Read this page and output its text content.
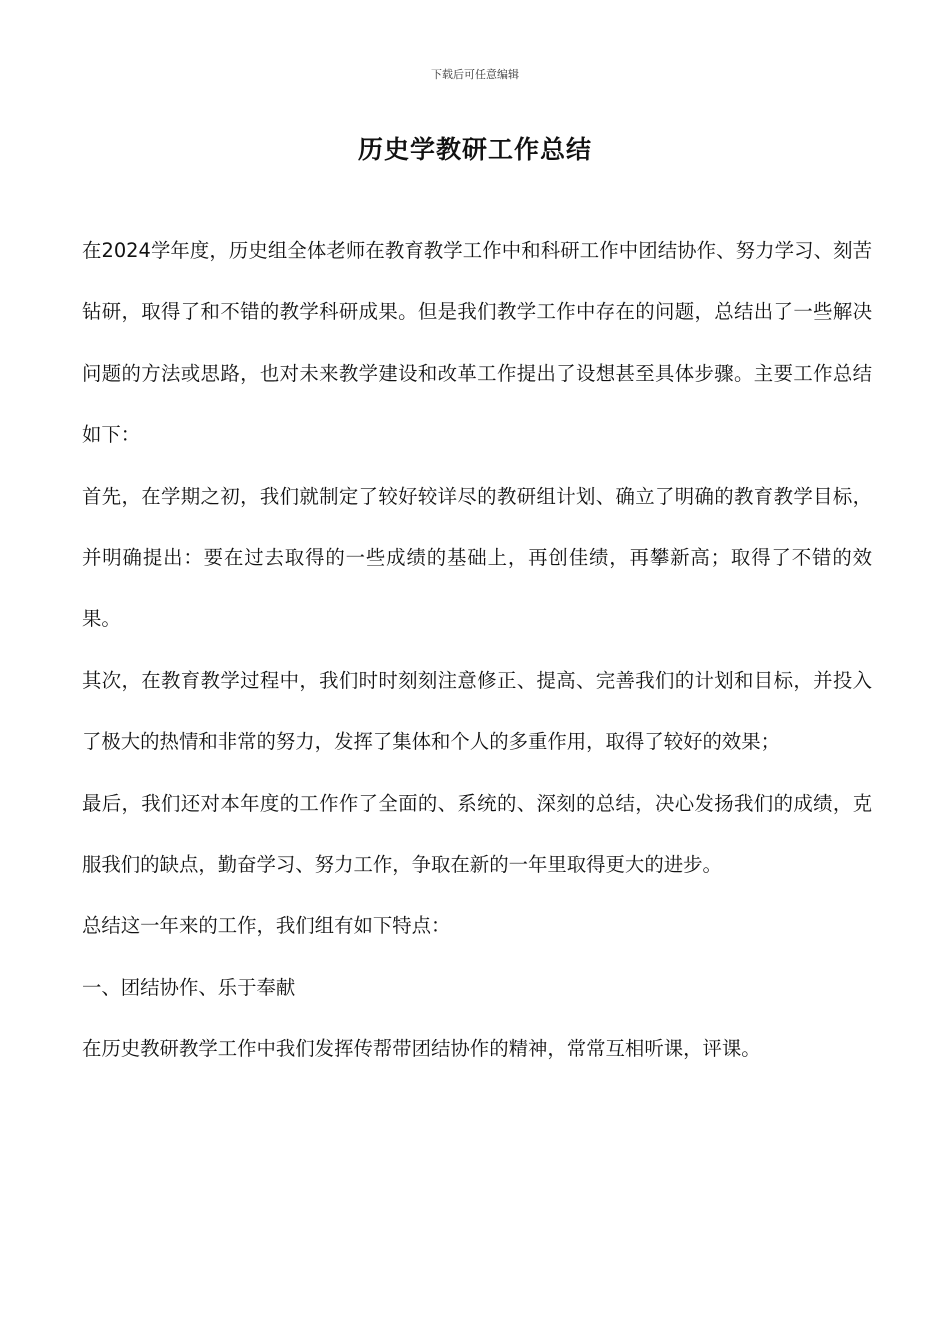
下载后可任意编辑
历史学教研工作总结

在2024学年度，历史组全体老师在教育教学工作中和科研工作中团结协作、努力学习、刻苦钻研，取得了和不错的教学科研成果。但是我们教学工作中存在的问题，总结出了一些解决问题的方法或思路，也对未来教学建设和改革工作提出了设想甚至具体步骤。主要工作总结如下：

首先，在学期之初，我们就制定了较好较详尽的教研组计划、确立了明确的教育教学目标，并明确提出：要在过去取得的一些成绩的基础上，再创佳绩，再攀新高；取得了不错的效果。

其次，在教育教学过程中，我们时时刻刻注意修正、提高、完善我们的计划和目标，并投入了极大的热情和非常的努力，发挥了集体和个人的多重作用，取得了较好的效果；

最后，我们还对本年度的工作作了全面的、系统的、深刻的总结，决心发扬我们的成绩，克服我们的缺点，勤奋学习、努力工作，争取在新的一年里取得更大的进步。

总结这一年来的工作，我们组有如下特点：

一、团结协作、乐于奉献

在历史教研教学工作中我们发挥传帮带团结协作的精神，常常互相听课，评课。
